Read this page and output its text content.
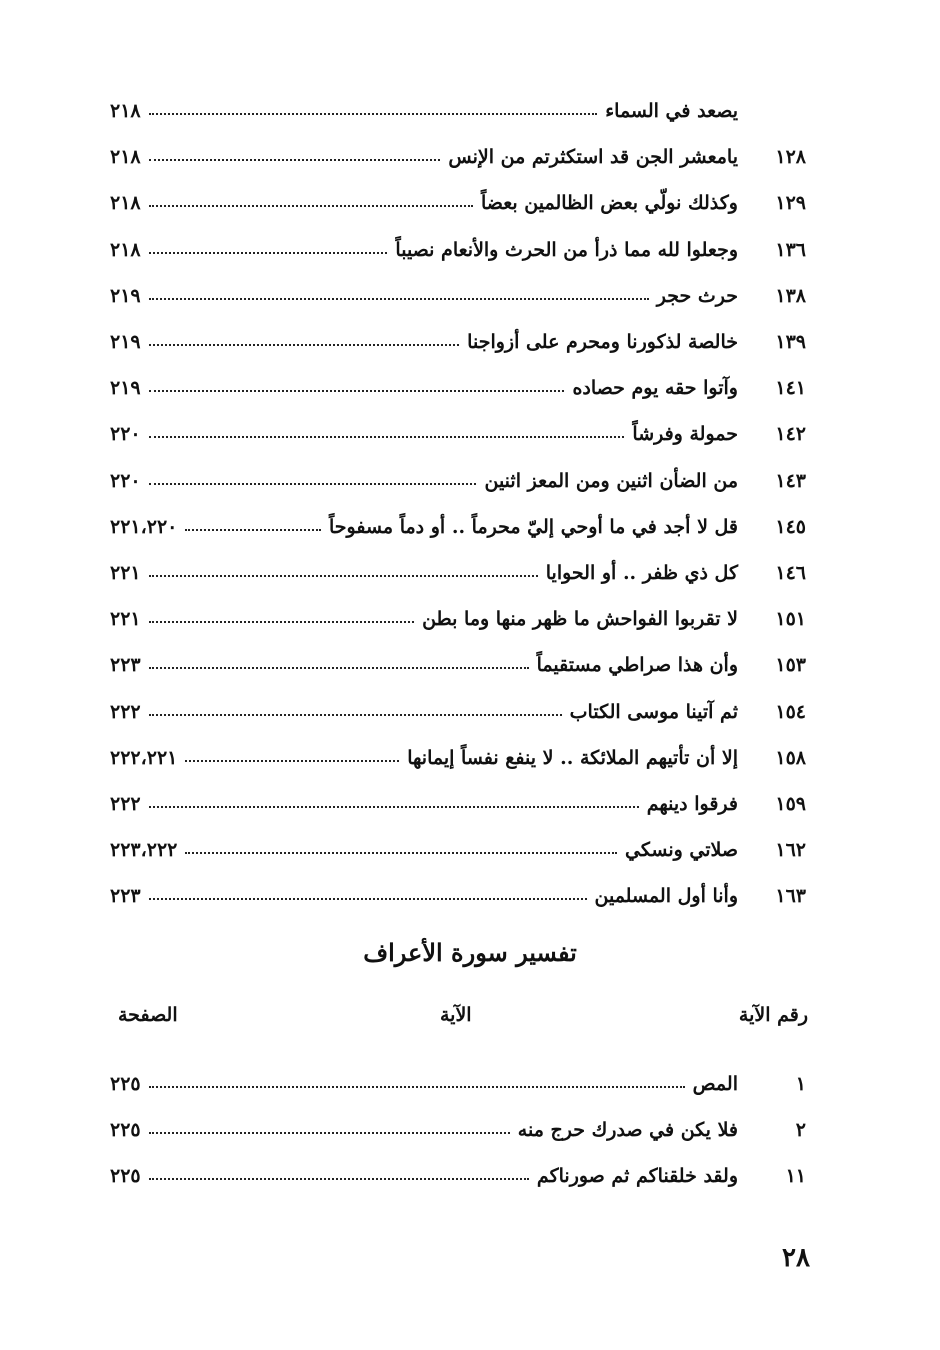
يصعد في السماء
٢١٨
١٢٨
يامعشر الجن قد استكثرتم من الإنس
٢١٨
١٢٩
وكذلك نولّي بعض الظالمين بعضاً
٢١٨
١٣٦
وجعلوا لله مما ذرأ من الحرث والأنعام نصيباً
٢١٨
١٣٨
حرث حجر
٢١٩
١٣٩
خالصة لذكورنا ومحرم على أزواجنا
٢١٩
١٤١
وآتوا حقه يوم حصاده
٢١٩
١٤٢
حمولة وفرشاً
٢٢٠
١٤٣
من الضأن اثنين ومن المعز اثنين
٢٢٠
١٤٥
قل لا أجد في ما أوحي إليّ محرماً .. أو دماً مسفوحاً
٢٢١،٢٢٠
١٤٦
كل ذي ظفر .. أو الحوايا
٢٢١
١٥١
لا تقربوا الفواحش ما ظهر منها وما بطن
٢٢١
١٥٣
وأن هذا صراطي مستقيماً
٢٢٣
١٥٤
ثم آتينا موسى الكتاب
٢٢٢
١٥٨
إلا أن تأتيهم الملائكة .. لا ينفع نفساً إيمانها
٢٢٢،٢٢١
١٥٩
فرقوا دينهم
٢٢٢
١٦٢
صلاتي ونسكي
٢٢٣،٢٢٢
١٦٣
وأنا أول المسلمين
٢٢٣
تفسير سورة الأعراف
رقم الآية
الآية
الصفحة
١
المص
٢٢٥
٢
فلا يكن في صدرك حرج منه
٢٢٥
١١
ولقد خلقناكم ثم صورناكم
٢٢٥
٢٨
